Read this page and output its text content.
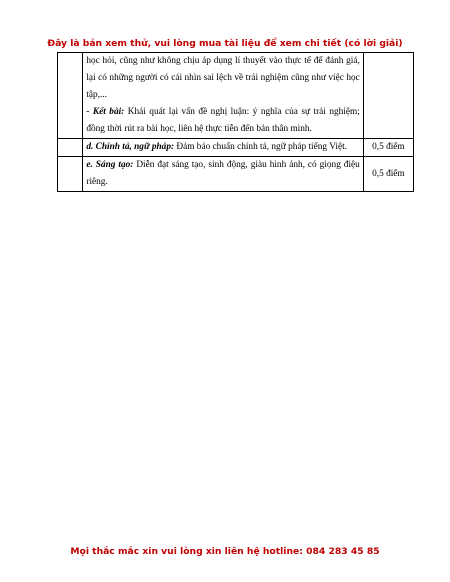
Đây là bản xem thử, vui lòng mua tài liệu để xem chi tiết (có lời giải)

	học hỏi, cũng như không chịu áp dụng lí thuyết vào thực tế để đánh giá, lại có những người có cái nhìn sai lệch về trải nghiệm cũng như việc học tập,...

- Kết bài: Khái quát lại vấn đề nghị luận: ý nghĩa của sự trải nghiệm; đồng thời rút ra bài học, liên hệ thực tiễn đến bản thân mình.	

	d. Chính tả, ngữ pháp: Đảm bảo chuẩn chính tả, ngữ pháp tiếng Việt.	0,5 điểm

	e. Sáng tạo: Diễn đạt sáng tạo, sinh động, giàu hình ảnh, có giọng điệu riêng.	0,5 điểm
Mọi thắc mắc xin vui lòng xin liên hệ hotline: 084 283 45 85
